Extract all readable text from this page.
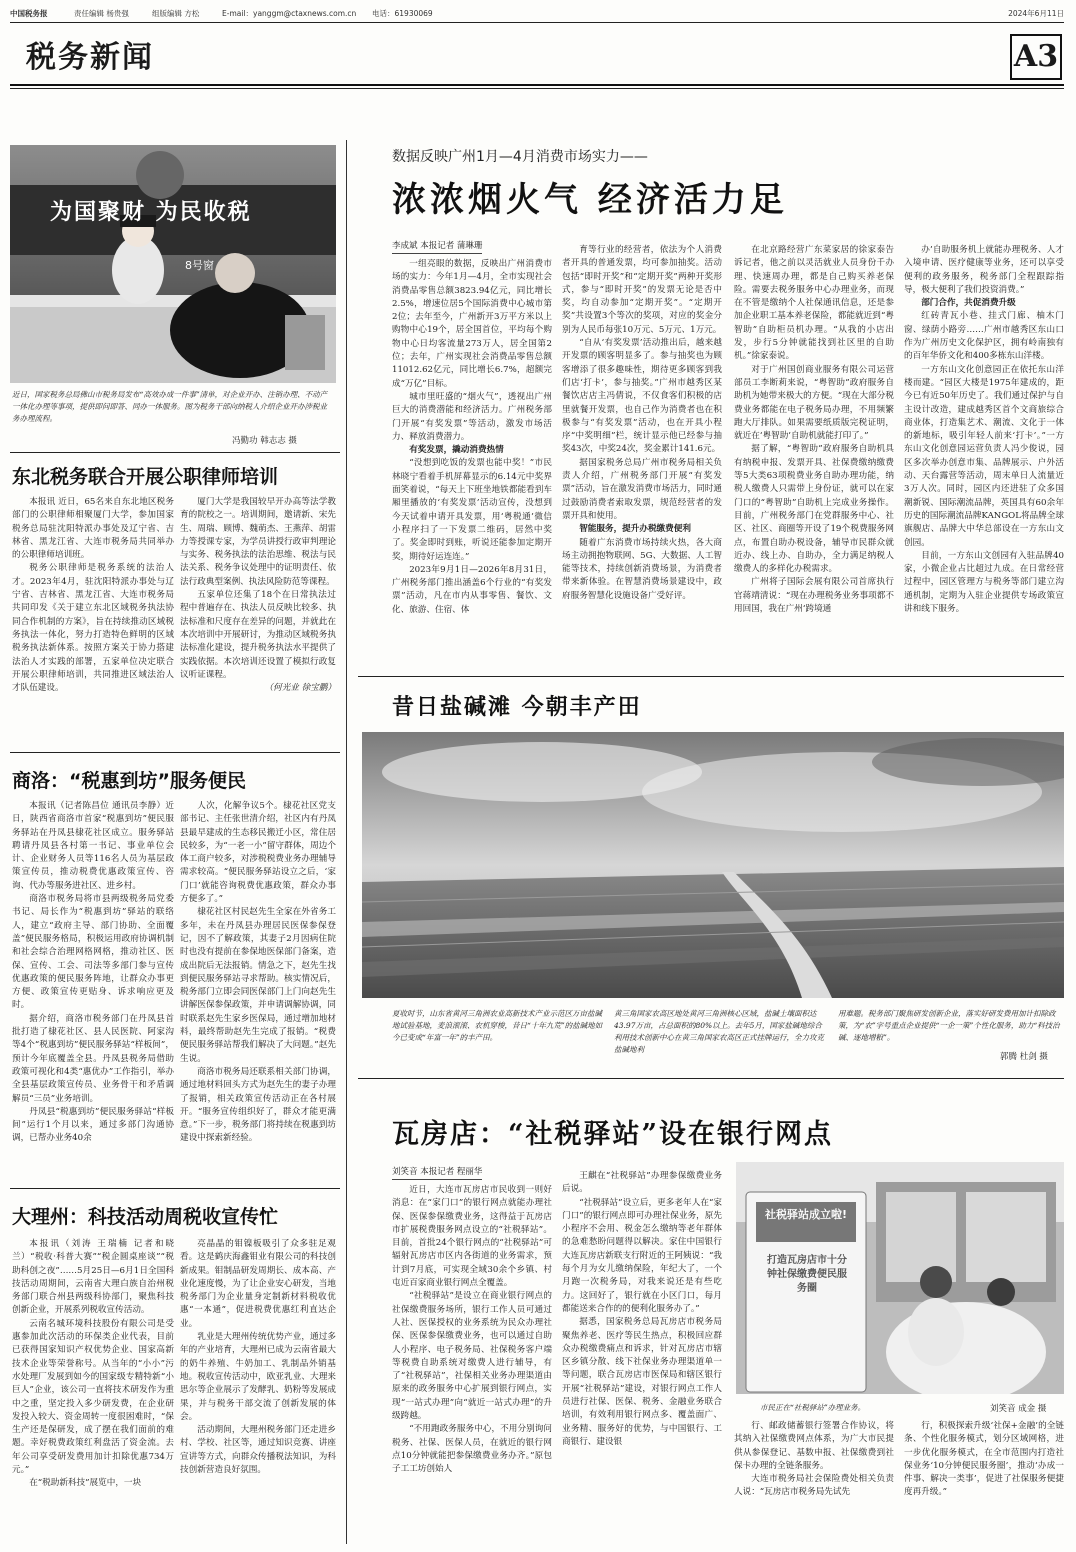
中国税务报	责任编辑 杨贵强	组版编辑 方松	E-mail：yanggm@ctaxnews.com.cn 电话：61930069	2024年6月11日
税务新闻	A3
为国聚财 为民收税
8号窗
近日，国家税务总局佛山市税务局发布“高效办成一件事”清单，对企业开办、注销办理、不动产一体化办理等事项，提供即问即答、同办一体服务。图为税务干部向纳税人介绍企业开办涉税业务办理流程。
冯勤功 韩志志 摄
东北税务联合开展公职律师培训

本报讯 近日，65名来自东北地区税务部门的公职律师相聚厦门大学，参加国家税务总局驻沈阳特派办事处及辽宁省、吉林省、黑龙江省、大连市税务局共同举办的公职律师培训班。

税务公职律师是税务系统的法治人才。2023年4月，驻沈阳特派办事处与辽宁省、吉林省、黑龙江省、大连市税务局共同印发《关于建立东北区域税务执法协同合作机制的方案》，旨在持续推动区域税务执法一体化，努力打造特色鲜明的区域税务执法新体系。按照方案关于协力搭建法治人才实践的部署，五家单位决定联合开展公职律师培训，共同推进区域法治人才队伍建设。

厦门大学是我国较早开办高等法学教育的院校之一。培训期间，邀请新、宋先生、周瑞、顾博、魏萌杰、王燕萍、胡雷力等授课专家，为学员讲授行政审判理论与实务、税务执法的法治思维、税法与民法关系、税务争议处理中的证明责任、依法行政典型案例、执法风险防范等课程。

五家单位还集了18个在日常执法过程中普遍存在、执法人员反映比较多、执法标准和尺度存在差异的问题，并就此在本次培训中开展研讨，为推动区域税务执法标准化建设，提升税务执法水平提供了实践依据。本次培训还设置了模拟行政复议听证课程。

（何光业 徐宝鹏）

商洛：“税惠到坊”服务便民

本报讯（记者陈昌位 通讯员李静）近日，陕西省商洛市首家“税惠到坊”便民服务驿站在丹凤县棣花社区成立。服务驿站聘请丹凤县各村第一书记、事业单位会计、企业财务人员等116名人员为基层政策宣传员，推动税费优惠政策宣传、咨询、代办等服务进社区、进乡村。

商洛市税务局将市县两级税务局党委书记、局长作为“税惠到坊”驿站的联络人，建立“政府主导、部门协助、全面覆盖”便民服务格局，积极运用政府协调机制和社会综合治理网格网格，推动社区、医保、宣传、工会、司法等多部门参与宣传优惠政策的便民服务阵地，让群众办事更方便、政策宣传更贴身、诉求响应更及时。

据介绍，商洛市税务部门在丹凤县首批打造了棣花社区、县人民医院、阿家沟等4个“税惠到坊”便民服务驿站“样板间”，预计今年底覆盖全县。丹凤县税务局借助政策可视化和4类“惠优办”工作指引，举办全县基层政策宣传员、业务骨干和矛盾调解员“三员”业务培训。

丹凤县“税惠到坊”便民服务驿站“样板间”运行1个月以来，通过多部门沟通协调，已帮办业务40余

人次，化解争议5个。棣花社区党支部书记、主任张世清介绍，社区内有丹凤县最早建成的生态移民搬迁小区，常住居民较多，为“一老一小”留守群体，周边个体工商户较多，对涉税税费业务办理辅导需求较高。“便民服务驿站设立之后，‘家门口’就能咨询税费优惠政策，群众办事方便多了。”

棣花社区村民赵先生全家在外省务工多年，未在丹凤县办理居民医保参保登记，因不了解政策，其妻子2月因病住院时也没有提前在参保地医保部门备案，造成出院后无法报销。情急之下，赵先生找到便民服务驿站寻求帮助。核实情况后，税务部门立即会同医保部门上门向赵先生讲解医保参保政策，并申请调解协调，同时联系赵先生家乡医保局，通过增加地材料，最终帮助赵先生完成了报销。“税费便民服务驿站帮我们解决了大问题。”赵先生说。

商洛市税务局还联系相关部门协调，通过地材料回头方式为赵先生的妻子办理了报销，相关政策宣传活动正在各村展开。“服务宣传组织好了，群众才能更满意。”下一步，税务部门将持续在税惠到坊建设中探索新经验。

大理州：科技活动周税收宣传忙

本报讯（刘涛 王瑞楠 记者和晓兰）“税收·科普大赛”“税企圆桌座谈”“税助科创之夜”……5月25日—6月1日全国科技活动周期间，云南省大理白族自治州税务部门联合州县两级科协部门，聚焦科技创新企业，开展系列税收宣传活动。

云南名城环境科技股份有限公司是受惠参加此次活动的环保类企业代表，目前已获得国家知识产权优势企业、国家高新技术企业等荣誉称号。从当年的“小小”污水处理厂发展到如今的国家级专精特新“小巨人”企业，该公司一直将技术研发作为重中之重，坚定投入多少研发费，在企业研发投入较大、资金周转一度很困难时，“保生产还是保研发，成了摆在我们面前的难题。幸好税费政策红利盘活了资金流。去年公司享受研发费用加计扣除优惠734万元。”

在“税助新科技”展览中，一块

亮晶晶的钼镍板吸引了众多驻足观看。这是鹤庆海鑫钼业有限公司的科技创新成果。钼制品研发周期长、成本高、产业化速度慢，为了让企业安心研发，当地税务部门为企业量身定制新材料税收优惠“一本通”，促进税费优惠红利直达企业。

乳业是大理州传统优势产业，通过多年的产业培育，大理州已成为云南省最大的奶牛养殖、牛奶加工、乳制品外销基地。税收宣传活动中，欧亚乳业、大理来思尔等企业展示了发酵乳、奶粉等发展成果，并与税务干部交流了创新发展的体会。

活动期间，大理州税务部门还走进乡村、学校、社区等，通过知识竞赛、讲座宣讲等方式，向群众传播税法知识，为科技创新营造良好氛围。

数据反映广州1月—4月消费市场实力——
浓浓烟火气 经济活力足
李成斌 本报记者 蒲琳珊

一组亮眼的数据，反映出广州消费市场的实力：今年1月—4月，全市实现社会消费品零售总额3823.94亿元，同比增长2.5%，增速位居5个国际消费中心城市第2位；去年至今，广州新开3万平方米以上购物中心19个，居全国首位，平均每个购物中心日均客流量273万人，居全国第2位；去年，广州实现社会消费品零售总额11012.62亿元，同比增长6.7%，超额完成“万亿”目标。

城市里旺盛的“烟火气”，透视出广州巨大的消费潜能和经济活力。广州税务部门开展“有奖发票”等活动，激发市场活力、释放消费潜力。

有奖发票，撬动消费热情

“没想到吃饭的发票也能中奖！”市民林晓宁看着手机屏幕显示的6.14元中奖界面笑着说，“每天上下班坐地铁都能看到车厢里播放的‘有奖发票’活动宣传，没想到今天试着申请开具发票，用‘粤税通’微信小程序扫了一下发票二维码，居然中奖了。奖金即时到账，听说还能参加定期开奖，期待好运连连。”

2023年9月1日—2026年8月31日，广州税务部门推出涵盖6个行业的“有奖发票”活动，凡在市内从事零售、餐饮、文化、旅游、住宿、体

育等行业的经营者，依法为个人消费者开具的普通发票，均可参加抽奖。活动包括“即时开奖”和“定期开奖”两种开奖形式，参与“即时开奖”的发票无论是否中奖，均自动参加“定期开奖”。“定期开奖”共设置3个等次的奖项，对应的奖金分别为人民币每张10万元、5万元、1万元。

“自从‘有奖发票’活动推出后，越来越开发票的顾客明显多了。参与抽奖也为顾客增添了很多趣味性，期待更多顾客到我们店‘打卡’，参与抽奖。”广州市越秀区某餐饮店店主冯倩说，不仅食客们积极的店里就餐开发票，也自己作为消费者也在积极参与“有奖发票”活动，也在开具小程序“中奖明细”栏，统计显示他已经参与抽奖43次，中奖24次，奖金累计141.6元。

据国家税务总局广州市税务局相关负责人介绍，广州税务部门开展“有奖发票”活动，旨在激发消费市场活力，同时通过鼓励消费者索取发票，规范经营者的发票开具和使用。

智能服务，提升办税缴费便利

随着广东消费市场持续火热，各大商场主动拥抱物联网、5G、大数据、人工智能等技术，持续创新消费场景，为消费者带来新体验。在智慧消费场景建设中，政府服务智慧化设施设备广受好评。

在北京路经营广东菜家居的徐家泰告诉记者，他之前以灵活就业人员身份千办理、快速周办理，都是自己购买养老保险。需要去税务服务中心办理业务，而现在不管是缴纳个人社保通讯信息，还是参加企业职工基本养老保险，都能就近到“粤智助”自助柜员机办理。“从我的小店出发，步行5分钟就能找到社区里的自助机。”徐家泰说。

对于广州国创商业服务有限公司运营部员工李断莉来说，“粤智助”政府服务自助机为她带来极大的方便。“现在大部分税费业务都能在电子税务局办理，不用频繁跑大厅排队。如果需要纸质版完税证明，就近在‘粤智助’自助机就能打印了。”

据了解，“粤智助”政府服务自助机具有纳税申报、发票开具、社保费缴纳缴费等5大类63项税费业务自助办理功能，纳税人缴费人只需带上身份证，就可以在家门口的“粤智助”自助机上完成业务操作。目前，广州税务部门在党群服务中心、社区、社区、商圈等开设了19个税费服务网点，布置自助办税设备，辅导市民群众就近办、线上办、自助办，全力满足纳税人缴费人的多样化办税需求。

广州将子国际会展有限公司首席执行官蒋靖清说：“现在办理税务业务事项都不用回国，我在广州‘跨境通

办’自助服务机上就能办理税务、人才入境申请、医疗健康等业务，还可以享受便利的政务服务，税务部门全程跟踪指导，极大便利了我们投资消费。”

部门合作，共促消费升级

红砖青瓦小巷、挂式门廊、柚木门窗、绿荫小路旁……广州市越秀区东山口作为广州历史文化保护区，拥有岭南独有的百年华侨文化和400多栋东山洋楼。

一方东山文化创意园正在依托东山洋楼而建。“园区大楼是1975年建成的，距今已有近50年历史了。我们通过保护与自主设计改造，建成越秀区首个文商旅综合商业体，打造集艺术、潮流、文化于一体的新地标，吸引年轻人前来‘打卡’。”一方东山文化创意园运营负责人冯少俊说，园区多次举办创意市集、品牌展示、户外活动、天台露营等活动，周末单日人流量近3万人次。同时，园区内还进驻了众多国潮新锐、国际潮流品牌，英国具有60余年历史的国际潮流品牌KANGOL将品牌全球旗舰店、品牌大中华总部设在一方东山文创园。

目前，一方东山文创园有入驻品牌40家，小微企业占比超过九成。在日常经营过程中，园区管理方与税务等部门建立沟通机制，定期为入驻企业提供专场政策宣讲和线下服务。

昔日盐碱滩 今朝丰产田
夏收时节，山东省黄河三角洲农业高新技术产业示范区万亩盐碱地试验基地，麦浪滚滚、农机穿梭，昔日“十年九荒”的盐碱地如今已变成“年富一年”的丰产田。
黄三角国家农高区地处黄河三角洲核心区域，盐碱土壤面积达43.97万亩，占总面积的80%以上。去年5月，国家盐碱地综合利用技术创新中心在黄三角国家农高区正式挂牌运行，全力攻克盐碱地利
用难题。税务部门聚焦研发创新企业，落实好研发费用加计扣除政策，为“农”字号重点企业提供“一企一策”个性化服务，助力“科技治碱、逐地增粮”。
郭腾 杜剑 摄
瓦房店：“社税驿站”设在银行网点
刘笑音 本报记者 程丽华

近日，大连市瓦房店市民收到一则好消息：在“家门口”的银行网点就能办理社保、医保参保缴费业务，这得益于瓦房店市扩展税费服务网点设立的“社税驿站”。目前，首批24个银行网点的“社税驿站”可辐射瓦房店市区内各街道的业务需求，预计到7月底，可实现全域30余个乡镇、村屯近百家商业银行网点全覆盖。

“社税驿站”是设立在商业银行网点的社保缴费服务场所，银行工作人员可通过人社、医保授权的业务系统为民众办理社保、医保参保缴费业务，也可以通过自助人小程序、电子税务局、社保税务客户端等税费自助系统对缴费人进行辅导，有了“社税驿站”，社保相关业务办理渠道由原来的政务服务中心扩展到银行网点，实现“一站式办理”向“就近一站式办理”的升级跨越。

“不用跑政务服务中心，不用分别询问税务、社保、医保人员，在就近的银行网点10分钟就能把参保缴费业务办齐。”原包子工工坊创始人

王麒在“社税驿站”办理参保缴费业务后说。

“社税驿站”设立后，更多老年人在“家门口”的银行网点即可办理社保业务，原先小程序不会用、税金怎么缴纳等老年群体的急难愁盼问题得以解决。家住中国银行大连瓦房店新联支行附近的王阿姨说：“我每个月为女儿缴纳保险，年纪大了，一个月跑一次税务局，对我来说还是有些吃力。这回好了，银行就在小区门口，每月都能送来合作的的便利化服务办了。”

据悉，国家税务总局瓦房店市税务局聚焦养老、医疗等民生热点，积极回应群众办税缴费痛点和诉求，针对瓦房店市辖区乡镇分散、线下社保业务办理渠道单一等问题，联合瓦房店市医保局和辖区银行开展“社税驿站”建设，对银行网点工作人员进行社保、医保、税务、金融业务联合培训，有效利用银行网点多、覆盖面广、业务精、服务好的优势，与中国银行、工商银行、建设银

社税驿站成立啦!
打造瓦房店市十分钟社保缴费便民服务圈
市民正在“社税驿站”办理业务。	刘笑音 成金 摄

行、邮政储蓄银行签署合作协议，将其纳入社保缴费网点体系，为广大市民提供从参保登记、基数申报、社保缴费到社保卡办理的全链条服务。

大连市税务局社会保险费处相关负责人说：“瓦房店市税务局先试先

行，积极探索升级‘社保+金融’的全链条、个性化服务模式，划分区域网格，进一步优化服务模式，在全市范围内打造社保业务‘10分钟便民服务圈’，推动‘办成一件事、解决一类事’，促进了社保服务便捷度再升级。”
